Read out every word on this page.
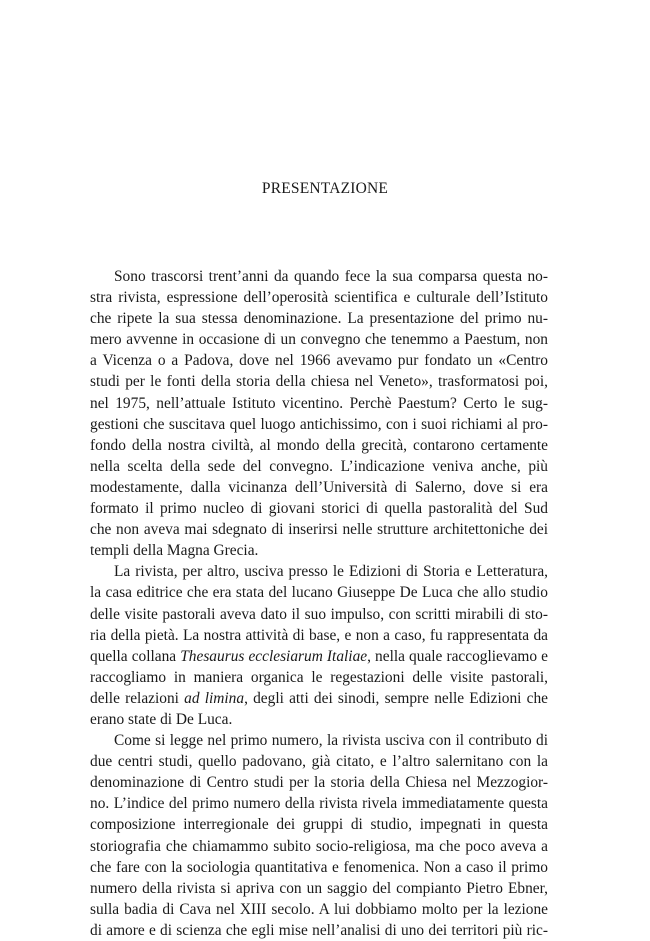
PRESENTAZIONE
Sono trascorsi trent’anni da quando fece la sua comparsa questa no-
stra rivista, espressione dell’operosità scientifica e culturale dell’Istituto
che ripete la sua stessa denominazione. La presentazione del primo nu-
mero avvenne in occasione di un convegno che tenemmo a Paestum, non
a Vicenza o a Padova, dove nel 1966 avevamo pur fondato un «Centro
studi per le fonti della storia della chiesa nel Veneto», trasformatosi poi,
nel 1975, nell’attuale Istituto vicentino. Perchè Paestum? Certo le sug-
gestioni che suscitava quel luogo antichissimo, con i suoi richiami al pro-
fondo della nostra civiltà, al mondo della grecità, contarono certamente
nella scelta della sede del convegno. L’indicazione veniva anche, più
modestamente, dalla vicinanza dell’Università di Salerno, dove si era
formato il primo nucleo di giovani storici di quella pastoralità del Sud
che non aveva mai sdegnato di inserirsi nelle strutture architettoniche dei
templi della Magna Grecia.
La rivista, per altro, usciva presso le Edizioni di Storia e Letteratura,
la casa editrice che era stata del lucano Giuseppe De Luca che allo studio
delle visite pastorali aveva dato il suo impulso, con scritti mirabili di sto-
ria della pietà. La nostra attività di base, e non a caso, fu rappresentata da
quella collana Thesaurus ecclesiarum Italiae, nella quale raccoglievamo e
raccogliamo in maniera organica le regestazioni delle visite pastorali,
delle relazioni ad limina, degli atti dei sinodi, sempre nelle Edizioni che
erano state di De Luca.
Come si legge nel primo numero, la rivista usciva con il contributo di
due centri studi, quello padovano, già citato, e l’altro salernitano con la
denominazione di Centro studi per la storia della Chiesa nel Mezzogior-
no. L’indice del primo numero della rivista rivela immediatamente questa
composizione interregionale dei gruppi di studio, impegnati in questa
storiografia che chiamammo subito socio-religiosa, ma che poco aveva a
che fare con la sociologia quantitativa e fenomenica. Non a caso il primo
numero della rivista si apriva con un saggio del compianto Pietro Ebner,
sulla badia di Cava nel XIII secolo. A lui dobbiamo molto per la lezione
di amore e di scienza che egli mise nell’analisi di uno dei territori più ric-
